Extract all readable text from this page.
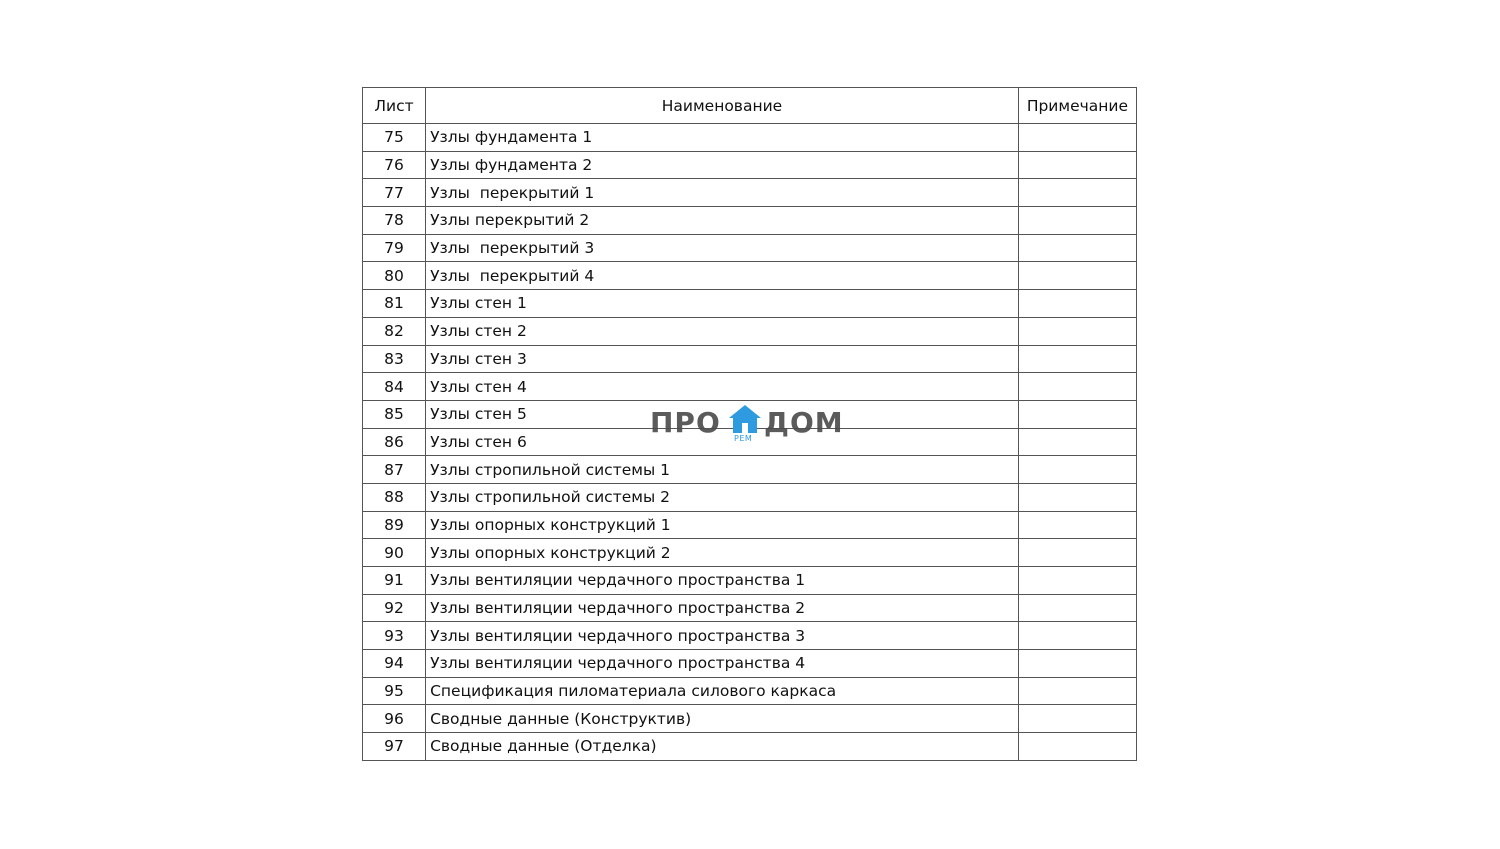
Лист	Наименование	Примечание
75	Узлы фундамента 1	
76	Узлы фундамента 2	
77	Узлы  перекрытий 1	
78	Узлы перекрытий 2	
79	Узлы  перекрытий 3	
80	Узлы  перекрытий 4	
81	Узлы стен 1	
82	Узлы стен 2	
83	Узлы стен 3	
84	Узлы стен 4	
85	Узлы стен 5	
86	Узлы стен 6	
87	Узлы стропильной системы 1	
88	Узлы стропильной системы 2	
89	Узлы опорных конструкций 1	
90	Узлы опорных конструкций 2	
91	Узлы вентиляции чердачного пространства 1	
92	Узлы вентиляции чердачного пространства 2	
93	Узлы вентиляции чердачного пространства 3	
94	Узлы вентиляции чердачного пространства 4	
95	Спецификация пиломатериала силового каркаса	
96	Сводные данные (Конструктив)	
97	Сводные данные (Отделка)	
ПРО РЕМ ДОМ
